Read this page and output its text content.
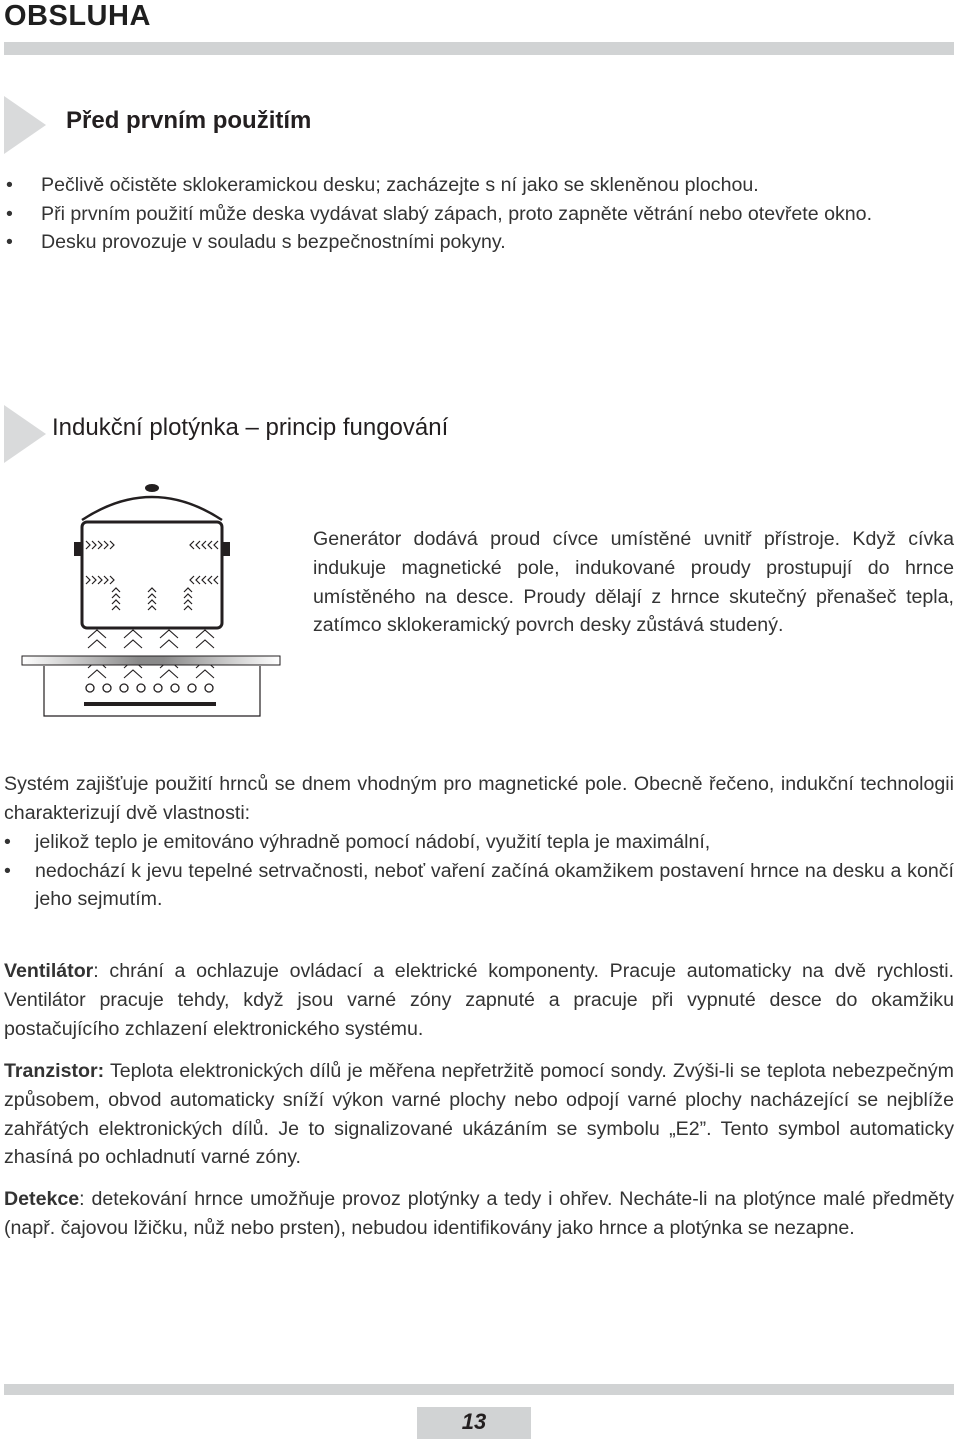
OBSLUHA
Před prvním použitím
• Pečlivě očistěte sklokeramickou desku; zacházejte s ní jako se skleněnou plochou.
• Při prvním použití může deska vydávat slabý zápach, proto zapněte větrání nebo otevřete okno.
• Desku provozuje v souladu s bezpečnostními pokyny.
Indukční plotýnka – princip fungování

Generátor dodává proud cívce umístěné uvnitř přístroje. Když cívka indukuje magnetické pole, indukované proudy prostupují do hrnce umístěného na desce. Proudy dělají z hrnce skutečný přenašeč tepla, zatímco sklokeramický povrch desky zůstává studený.

Systém zajišťuje použití hrnců se dnem vhodným pro magnetické pole. Obecně řečeno, indukční technologii charakterizují dvě vlastnosti:

• jelikož teplo je emitováno výhradně pomocí nádobí, využití tepla je maximální,
• nedochází k jevu tepelné setrvačnosti, neboť vaření začíná okamžikem postavení hrnce na desku a končí jeho sejmutím.

Ventilátor: chrání a ochlazuje ovládací a elektrické komponenty. Pracuje automaticky na dvě rychlosti. Ventilátor pracuje tehdy, když jsou varné zóny zapnuté a pracuje při vypnuté desce do okamžiku postačujícího zchlazení elektronického systému.

Tranzistor: Teplota elektronických dílů je měřena nepřetržitě pomocí sondy. Zvýši-li se teplota nebezpečným způsobem, obvod automaticky sníží výkon varné plochy nebo odpojí varné plochy nacházející se nejblíže zahřátých elektronických dílů. Je to signalizované ukázáním se symbolu „E2”. Tento symbol automaticky zhasíná po ochladnutí varné zóny.

Detekce: detekování hrnce umožňuje provoz plotýnky a tedy i ohřev. Necháte-li na plotýnce malé předměty (např. čajovou lžičku, nůž nebo prsten), nebudou identifikovány jako hrnce a plotýnka se nezapne.

13
